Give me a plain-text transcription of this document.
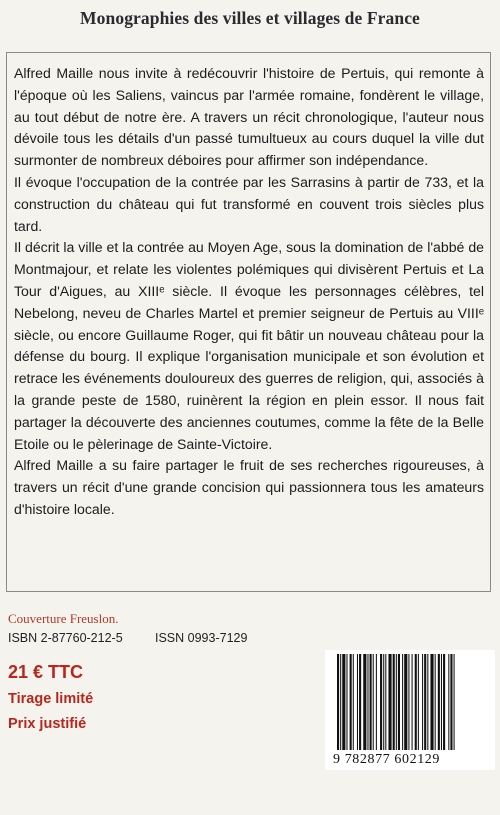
Monographies des villes et villages de France

Alfred Maille nous invite à redécouvrir l'histoire de Pertuis, qui remonte à l'époque où les Saliens, vaincus par l'armée romaine, fondèrent le village, au tout début de notre ère. A travers un récit chronologique, l'auteur nous dévoile tous les détails d'un passé tumultueux au cours duquel la ville dut surmonter de nombreux déboires pour affirmer son indépendance.

Il évoque l'occupation de la contrée par les Sarrasins à partir de 733, et la construction du château qui fut transformé en couvent trois siècles plus tard.

Il décrit la ville et la contrée au Moyen Age, sous la domination de l'abbé de Montmajour, et relate les violentes polémiques qui divisèrent Pertuis et La Tour d'Aigues, au XIIIᵉ siècle. Il évoque les personnages célèbres, tel Nebelong, neveu de Charles Martel et premier seigneur de Pertuis au VIIIᵉ siècle, ou encore Guillaume Roger, qui fit bâtir un nouveau château pour la défense du bourg. Il explique l'organisation municipale et son évolution et retrace les événements douloureux des guerres de religion, qui, associés à la grande peste de 1580, ruinèrent la région en plein essor. Il nous fait partager la découverte des anciennes coutumes, comme la fête de la Belle Etoile ou le pèlerinage de Sainte-Victoire.

Alfred Maille a su faire partager le fruit de ses recherches rigoureuses, à travers un récit d'une grande concision qui passionnera tous les amateurs d'histoire locale.

Couverture Freuslon.
ISBN 2-87760-212-5	ISSN 0993-7129
21 € TTC
Tirage limité
Prix justifié
9 782877 602129
